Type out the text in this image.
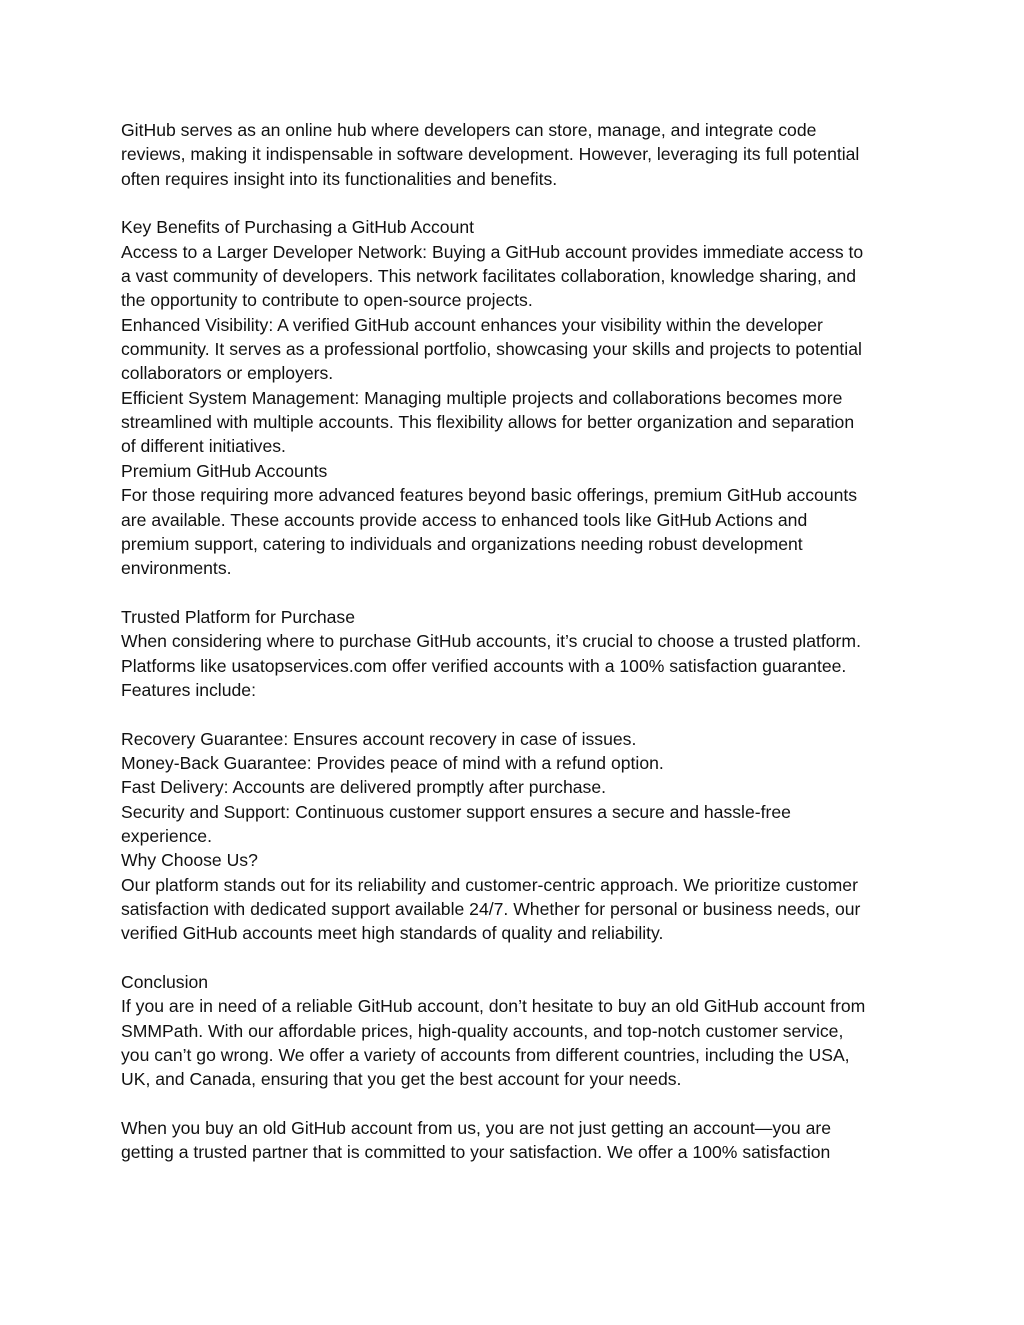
GitHub serves as an online hub where developers can store, manage, and integrate code
reviews, making it indispensable in software development. However, leveraging its full potential
often requires insight into its functionalities and benefits.
Key Benefits of Purchasing a GitHub Account
Access to a Larger Developer Network: Buying a GitHub account provides immediate access to
a vast community of developers. This network facilitates collaboration, knowledge sharing, and
the opportunity to contribute to open-source projects.
Enhanced Visibility: A verified GitHub account enhances your visibility within the developer
community. It serves as a professional portfolio, showcasing your skills and projects to potential
collaborators or employers.
Efficient System Management: Managing multiple projects and collaborations becomes more
streamlined with multiple accounts. This flexibility allows for better organization and separation
of different initiatives.
Premium GitHub Accounts
For those requiring more advanced features beyond basic offerings, premium GitHub accounts
are available. These accounts provide access to enhanced tools like GitHub Actions and
premium support, catering to individuals and organizations needing robust development
environments.
Trusted Platform for Purchase
When considering where to purchase GitHub accounts, it’s crucial to choose a trusted platform.
Platforms like usatopservices.com offer verified accounts with a 100% satisfaction guarantee.
Features include:
Recovery Guarantee: Ensures account recovery in case of issues.
Money-Back Guarantee: Provides peace of mind with a refund option.
Fast Delivery: Accounts are delivered promptly after purchase.
Security and Support: Continuous customer support ensures a secure and hassle-free
experience.
Why Choose Us?
Our platform stands out for its reliability and customer-centric approach. We prioritize customer
satisfaction with dedicated support available 24/7. Whether for personal or business needs, our
verified GitHub accounts meet high standards of quality and reliability.
Conclusion
If you are in need of a reliable GitHub account, don’t hesitate to buy an old GitHub account from
SMMPath. With our affordable prices, high-quality accounts, and top-notch customer service,
you can’t go wrong. We offer a variety of accounts from different countries, including the USA,
UK, and Canada, ensuring that you get the best account for your needs.
When you buy an old GitHub account from us, you are not just getting an account—you are
getting a trusted partner that is committed to your satisfaction. We offer a 100% satisfaction
